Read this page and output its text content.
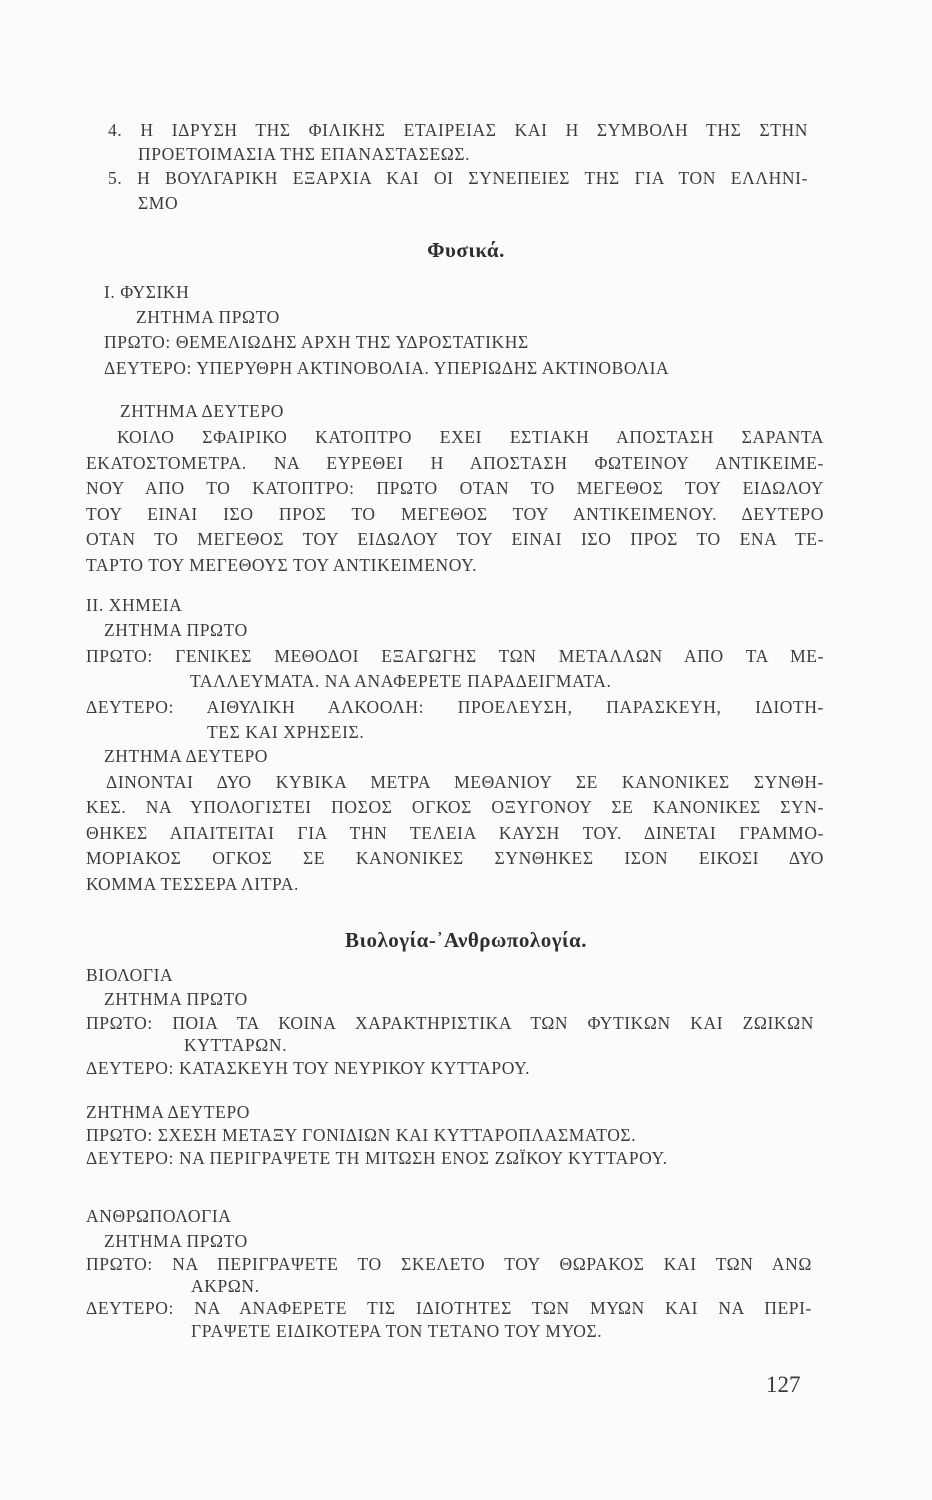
4. Η ΙΔΡΥΣΗ ΤΗΣ ΦΙΛΙΚΗΣ ΕΤΑΙΡΕΙΑΣ ΚΑΙ Η ΣΥΜΒΟΛΗ ΤΗΣ ΣΤΗΝ
ΠΡΟΕΤΟΙΜΑΣΙΑ ΤΗΣ ΕΠΑΝΑΣΤΑΣΕΩΣ.
5. Η ΒΟΥΛΓΑΡΙΚΗ ΕΞΑΡΧΙΑ ΚΑΙ ΟΙ ΣΥΝΕΠΕΙΕΣ ΤΗΣ ΓΙΑ ΤΟΝ ΕΛΛΗΝΙ-
ΣΜΟ
Φυσικά.
Ι. ΦΥΣΙΚΗ
ΖΗΤΗΜΑ ΠΡΩΤΟ
ΠΡΩΤΟ: ΘΕΜΕΛΙΩΔΗΣ ΑΡΧΗ ΤΗΣ ΥΔΡΟΣΤΑΤΙΚΗΣ
ΔΕΥΤΕΡΟ: ΥΠΕΡΥΘΡΗ ΑΚΤΙΝΟΒΟΛΙΑ. ΥΠΕΡΙΩΔΗΣ ΑΚΤΙΝΟΒΟΛΙΑ
ΖΗΤΗΜΑ ΔΕΥΤΕΡΟ
ΚΟΙΛΟ ΣΦΑΙΡΙΚΟ ΚΑΤΟΠΤΡΟ ΕΧΕΙ ΕΣΤΙΑΚΗ ΑΠΟΣΤΑΣΗ ΣΑΡΑΝΤΑ
ΕΚΑΤΟΣΤΟΜΕΤΡΑ. ΝΑ ΕΥΡΕΘΕΙ Η ΑΠΟΣΤΑΣΗ ΦΩΤΕΙΝΟΥ ΑΝΤΙΚΕΙΜΕ-
ΝΟΥ ΑΠΟ ΤΟ ΚΑΤΟΠΤΡΟ: ΠΡΩΤΟ ΟΤΑΝ ΤΟ ΜΕΓΕΘΟΣ ΤΟΥ ΕΙΔΩΛΟΥ
ΤΟΥ ΕΙΝΑΙ ΙΣΟ ΠΡΟΣ ΤΟ ΜΕΓΕΘΟΣ ΤΟΥ ΑΝΤΙΚΕΙΜΕΝΟΥ. ΔΕΥΤΕΡΟ
ΟΤΑΝ ΤΟ ΜΕΓΕΘΟΣ ΤΟΥ ΕΙΔΩΛΟΥ ΤΟΥ ΕΙΝΑΙ ΙΣΟ ΠΡΟΣ ΤΟ ΕΝΑ ΤΕ-
ΤΑΡΤΟ ΤΟΥ ΜΕΓΕΘΟΥΣ ΤΟΥ ΑΝΤΙΚΕΙΜΕΝΟΥ.
ΙΙ. ΧΗΜΕΙΑ
ΖΗΤΗΜΑ ΠΡΩΤΟ
ΠΡΩΤΟ: ΓΕΝΙΚΕΣ ΜΕΘΟΔΟΙ ΕΞΑΓΩΓΗΣ ΤΩΝ ΜΕΤΑΛΛΩΝ ΑΠΟ ΤΑ ΜΕ-
ΤΑΛΛΕΥΜΑΤΑ. ΝΑ ΑΝΑΦΕΡΕΤΕ ΠΑΡΑΔΕΙΓΜΑΤΑ.
ΔΕΥΤΕΡΟ: ΑΙΘΥΛΙΚΗ ΑΛΚΟΟΛΗ: ΠΡΟΕΛΕΥΣΗ, ΠΑΡΑΣΚΕΥΗ, ΙΔΙΟΤΗ-
ΤΕΣ ΚΑΙ ΧΡΗΣΕΙΣ.
ΖΗΤΗΜΑ ΔΕΥΤΕΡΟ
ΔΙΝΟΝΤΑΙ ΔΥΟ ΚΥΒΙΚΑ ΜΕΤΡΑ ΜΕΘΑΝΙΟΥ ΣΕ ΚΑΝΟΝΙΚΕΣ ΣΥΝΘΗ-
ΚΕΣ. ΝΑ ΥΠΟΛΟΓΙΣΤΕΙ ΠΟΣΟΣ ΟΓΚΟΣ ΟΞΥΓΟΝΟΥ ΣΕ ΚΑΝΟΝΙΚΕΣ ΣΥΝ-
ΘΗΚΕΣ ΑΠΑΙΤΕΙΤΑΙ ΓΙΑ ΤΗΝ ΤΕΛΕΙΑ ΚΑΥΣΗ ΤΟΥ. ΔΙΝΕΤΑΙ ΓΡΑΜΜΟ-
ΜΟΡΙΑΚΟΣ ΟΓΚΟΣ ΣΕ ΚΑΝΟΝΙΚΕΣ ΣΥΝΘΗΚΕΣ ΙΣΟΝ ΕΙΚΟΣΙ ΔΥΟ
ΚΟΜΜΑ ΤΕΣΣΕΡΑ ΛΙΤΡΑ.
Βιολογία-᾿Ανθρωπολογία.
ΒΙΟΛΟΓΙΑ
ΖΗΤΗΜΑ ΠΡΩΤΟ
ΠΡΩΤΟ: ΠΟΙΑ ΤΑ ΚΟΙΝΑ ΧΑΡΑΚΤΗΡΙΣΤΙΚΑ ΤΩΝ ΦΥΤΙΚΩΝ ΚΑΙ ΖΩΙΚΩΝ
ΚΥΤΤΑΡΩΝ.
ΔΕΥΤΕΡΟ: ΚΑΤΑΣΚΕΥΗ ΤΟΥ ΝΕΥΡΙΚΟΥ ΚΥΤΤΑΡΟΥ.
ΖΗΤΗΜΑ ΔΕΥΤΕΡΟ
ΠΡΩΤΟ: ΣΧΕΣΗ ΜΕΤΑΞΥ ΓΟΝΙΔΙΩΝ ΚΑΙ ΚΥΤΤΑΡΟΠΛΑΣΜΑΤΟΣ.
ΔΕΥΤΕΡΟ: ΝΑ ΠΕΡΙΓΡΑΨΕΤΕ ΤΗ ΜΙΤΩΣΗ ΕΝΟΣ ΖΩΪΚΟΥ ΚΥΤΤΑΡΟΥ.
ΑΝΘΡΩΠΟΛΟΓΙΑ
ΖΗΤΗΜΑ ΠΡΩΤΟ
ΠΡΩΤΟ: ΝΑ ΠΕΡΙΓΡΑΨΕΤΕ ΤΟ ΣΚΕΛΕΤΟ ΤΟΥ ΘΩΡΑΚΟΣ ΚΑΙ ΤΩΝ ΑΝΩ
ΑΚΡΩΝ.
ΔΕΥΤΕΡΟ: ΝΑ ΑΝΑΦΕΡΕΤΕ ΤΙΣ ΙΔΙΟΤΗΤΕΣ ΤΩΝ ΜΥΩΝ ΚΑΙ ΝΑ ΠΕΡΙ-
ΓΡΑΨΕΤΕ ΕΙΔΙΚΟΤΕΡΑ ΤΟΝ ΤΕΤΑΝΟ ΤΟΥ ΜΥΟΣ.
127
